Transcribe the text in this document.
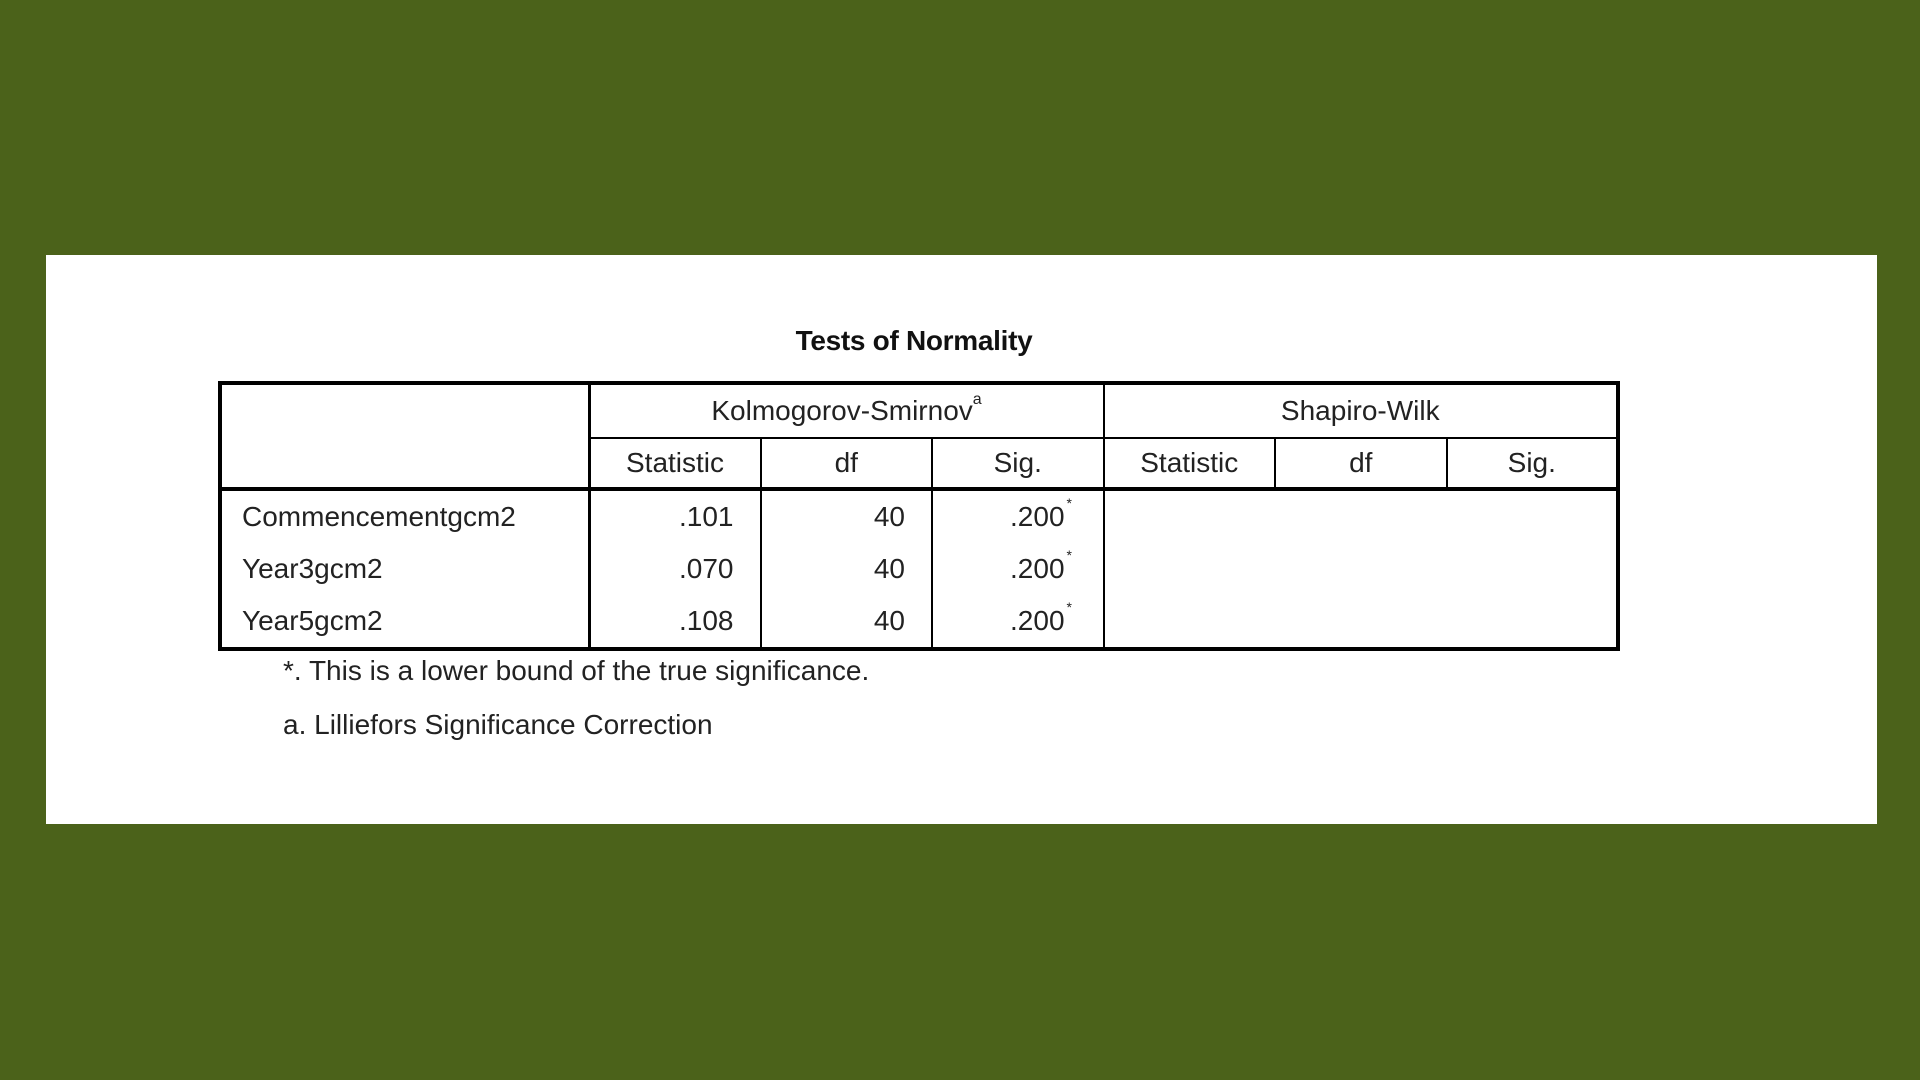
Tests of Normality
	Kolmogorov-Smirnov$^a$			Shapiro-Wilk		
	Statistic	df	Sig.	Statistic	df	Sig.
Commencementgcm2	.101	40	.200 *			

Year3gcm2	.070	40	.200 *			

Year5gcm2	.108	40	.200 *			

*. This is a lower bound of the true significance.
a. Lilliefors Significance Correction
